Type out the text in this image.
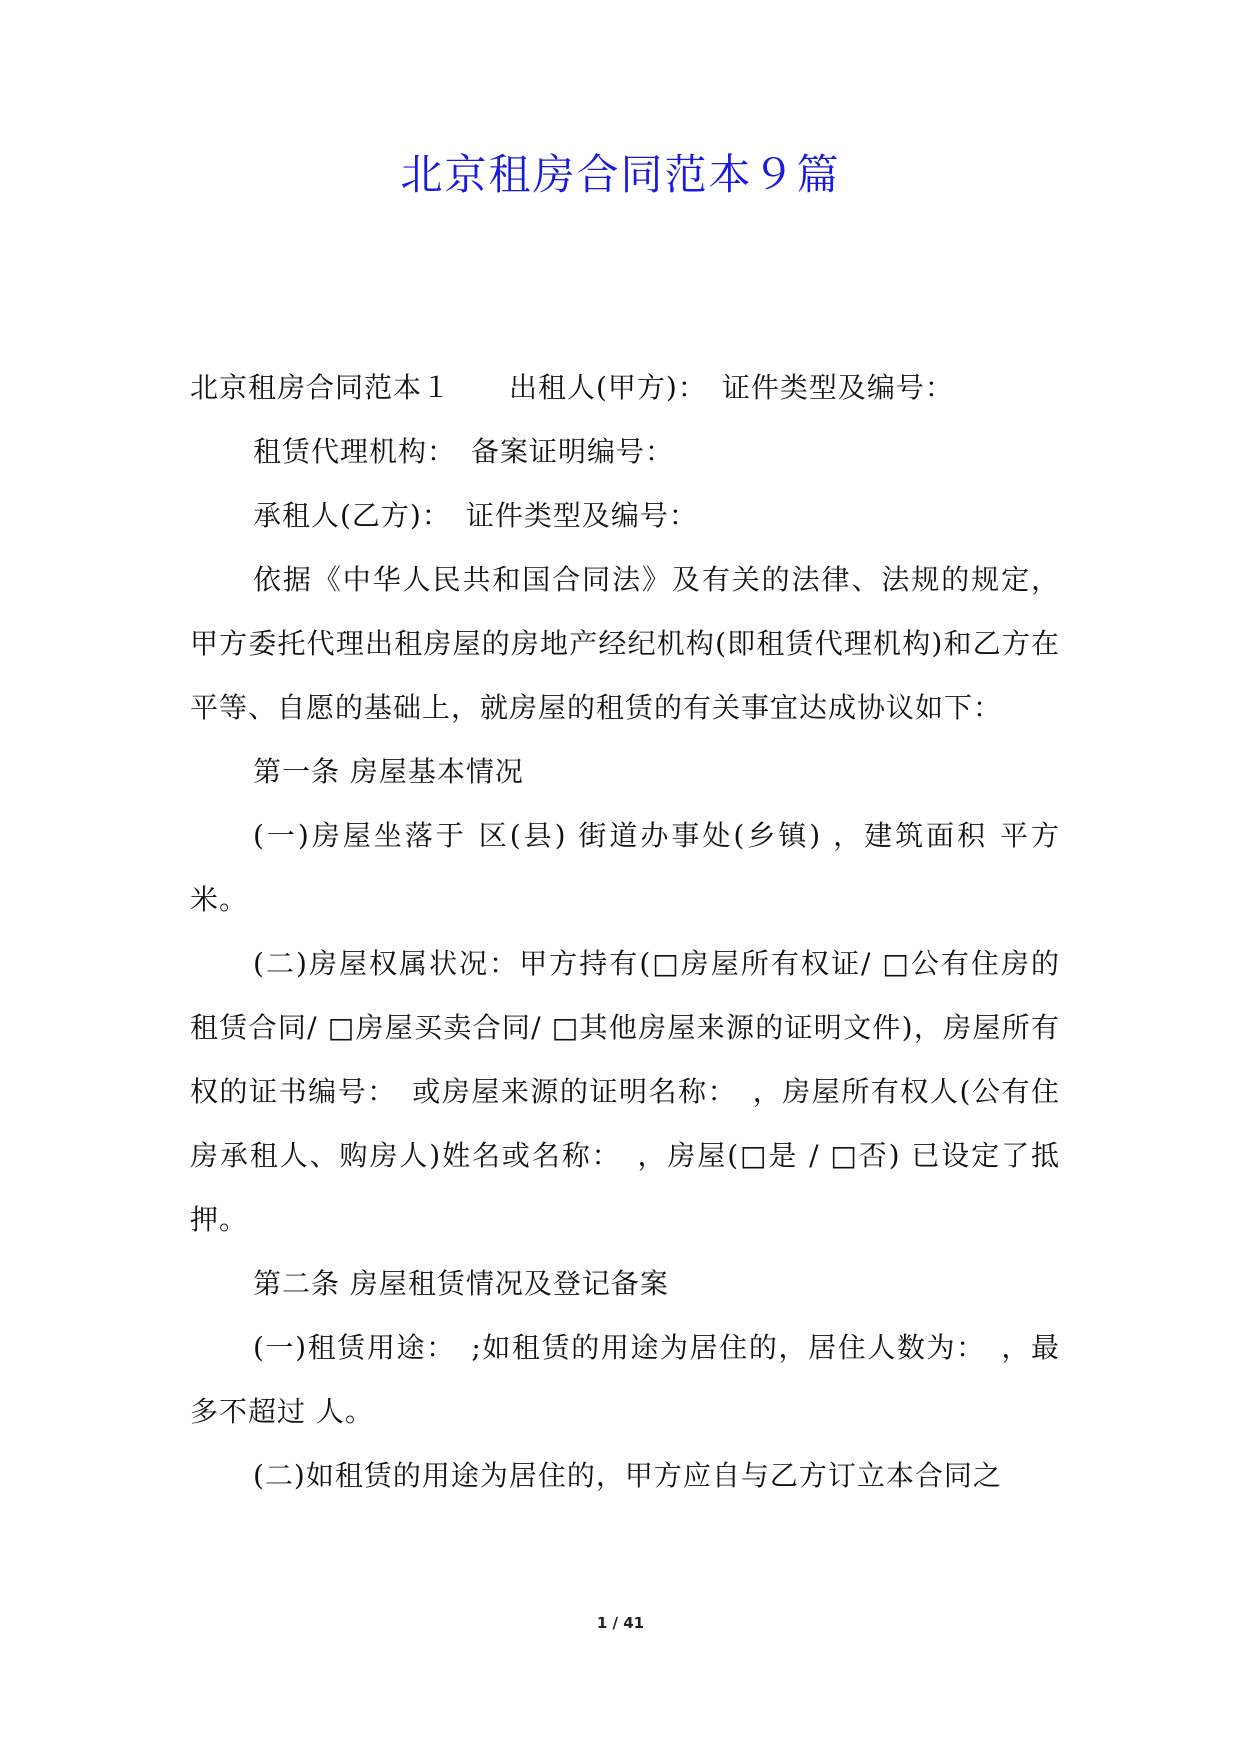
北京租房合同范本９篇

北京租房合同范本１　　出租人(甲方)：　证件类型及编号：

租赁代理机构：　备案证明编号：

承租人(乙方)：　证件类型及编号：

依据《中华人民共和国合同法》及有关的法律、法规的规定，甲方委托代理出租房屋的房地产经纪机构(即租赁代理机构)和乙方在平等、自愿的基础上，就房屋的租赁的有关事宜达成协议如下：

第一条 房屋基本情况

(一)房屋坐落于 区(县) 街道办事处(乡镇) ，建筑面积 平方米。

(二)房屋权属状况：甲方持有(□房屋所有权证/ □公有住房的租赁合同/ □房屋买卖合同/ □其他房屋来源的证明文件)，房屋所有权的证书编号：　或房屋来源的证明名称：　，房屋所有权人(公有住房承租人、购房人)姓名或名称：　，房屋(□是 / □否) 已设定了抵押。

第二条 房屋租赁情况及登记备案

(一)租赁用途：　;如租赁的用途为居住的，居住人数为：　，最多不超过 人。

(二)如租赁的用途为居住的，甲方应自与乙方订立本合同之

1 / 41
